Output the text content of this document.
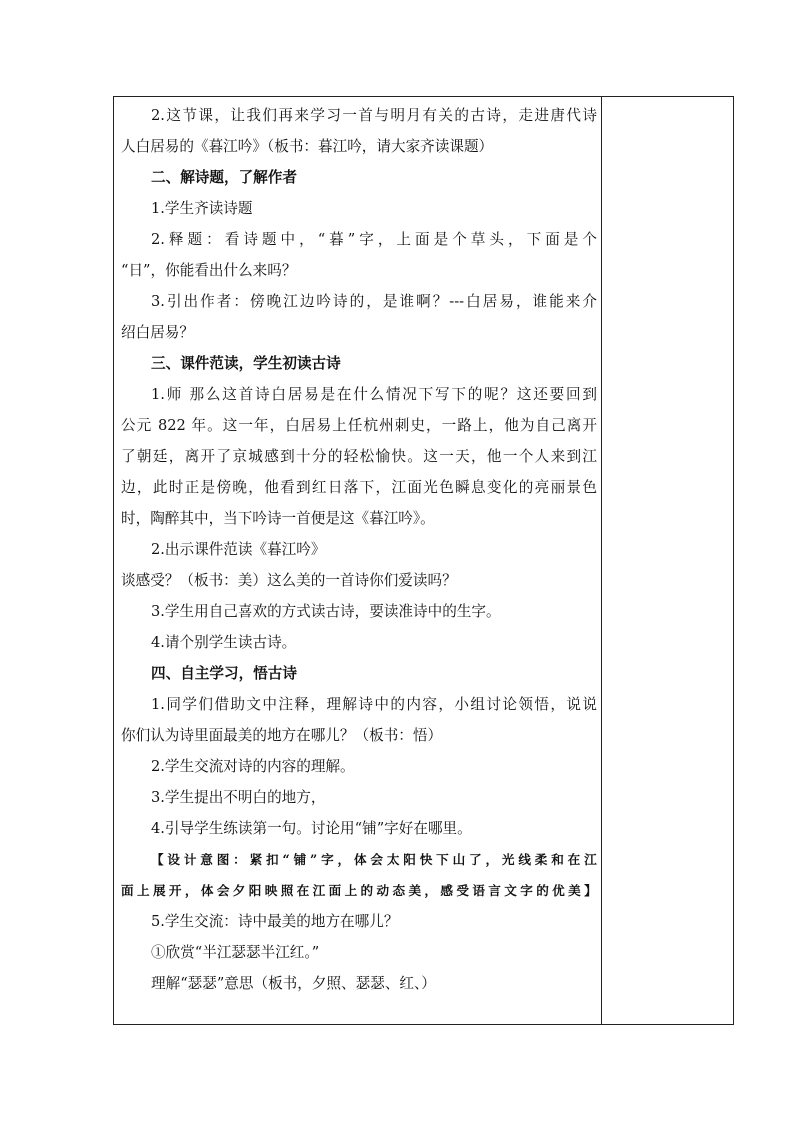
2.这节课，让我们再来学习一首与明月有关的古诗，走进唐代诗
人白居易的《暮江吟》（板书：暮江吟，请大家齐读课题）
二、解诗题，了解作者
1.学生齐读诗题
2.释题：看诗题中，“暮”字，上面是个草头，下面是个
“日”，你能看出什么来吗？
3.引出作者：傍晚江边吟诗的，是谁啊？---白居易，谁能来介
绍白居易？
三、课件范读，学生初读古诗
1.师 那么这首诗白居易是在什么情况下写下的呢？这还要回到
公元 822 年。这一年，白居易上任杭州刺史，一路上，他为自己离开
了朝廷，离开了京城感到十分的轻松愉快。这一天，他一个人来到江
边，此时正是傍晚，他看到红日落下，江面光色瞬息变化的亮丽景色
时，陶醉其中，当下吟诗一首便是这《暮江吟》。
2.出示课件范读《暮江吟》
谈感受？（板书：美）这么美的一首诗你们爱读吗？
3.学生用自己喜欢的方式读古诗，要读准诗中的生字。
4.请个别学生读古诗。
四、自主学习，悟古诗
1.同学们借助文中注释，理解诗中的内容，小组讨论领悟，说说
你们认为诗里面最美的地方在哪儿？（板书：悟）
2.学生交流对诗的内容的理解。
3.学生提出不明白的地方，
4.引导学生练读第一句。讨论用“铺”字好在哪里。
【设计意图：紧扣“铺”字，体会太阳快下山了，光线柔和在江
面上展开，体会夕阳映照在江面上的动态美，感受语言文字的优美】
5.学生交流：诗中最美的地方在哪儿？
①欣赏“半江瑟瑟半江红。”
理解“瑟瑟”意思（板书，夕照、瑟瑟、红、）
